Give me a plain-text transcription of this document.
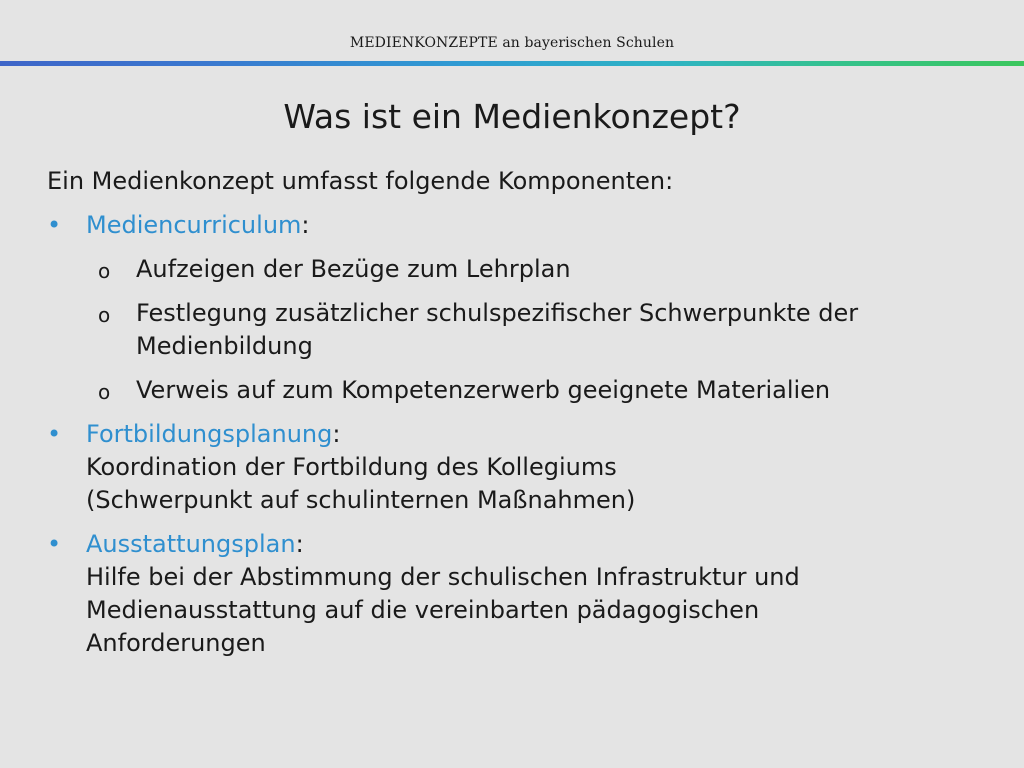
MEDIENKONZEPTE an bayerischen Schulen
Was ist ein Medienkonzept?
Ein Medienkonzept umfasst folgende Komponenten:
• Mediencurriculum:
o Aufzeigen der Bezüge zum Lehrplan
o Festlegung zusätzlicher schulspezifischer Schwerpunkte der Medienbildung
o Verweis auf zum Kompetenzerwerb geeignete Materialien
• Fortbildungsplanung:
Koordination der Fortbildung des Kollegiums
(Schwerpunkt auf schulinternen Maßnahmen)
• Ausstattungsplan:
Hilfe bei der Abstimmung der schulischen Infrastruktur und
Medienausstattung auf die vereinbarten pädagogischen
Anforderungen
